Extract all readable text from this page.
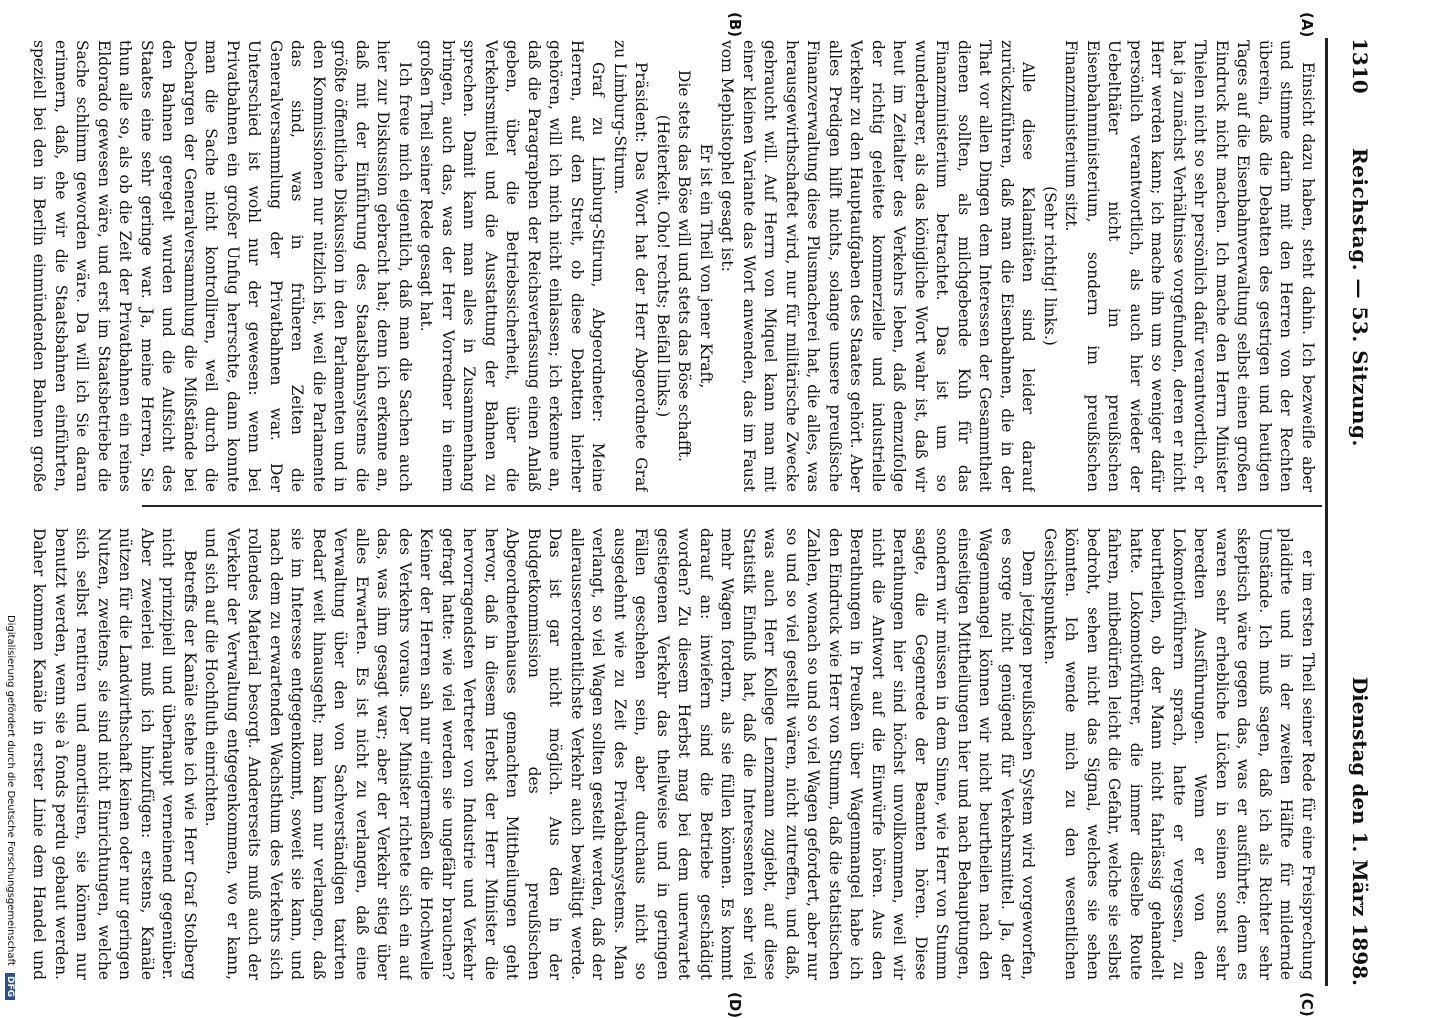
1310
Reichstag. — 53. Sitzung.
Dienstag den 1. März 1898.
(A)
(B)
(C)
(D)

Einsicht dazu haben, steht dahin. Ich bezweifle aber und stimme darin mit den Herren von der Rechten überein, daß die Debatten des gestrigen und heutigen Tages auf die Eisenbahnverwaltung selbst einen großen Eindruck nicht machen. Ich mache den Herrn Minister Thielen nicht so sehr persönlich dafür verantwortlich, er hat ja zunächst Verhältnisse vorgefunden, deren er nicht Herr werden kann; ich mache ihn um so weniger dafür persönlich verantwortlich, als auch hier wieder der Uebelthäter nicht im preußischen Eisenbahnministerium, sondern im preußischen Finanzministerium sitzt.

(Sehr richtig! links.)

Alle diese Kalamitäten sind leider darauf zurückzuführen, daß man die Eisenbahnen, die in der That vor allen Dingen dem Interessen der Gesammtheit dienen sollten, als milchgebende Kuh für das Finanzministerium betrachtet. Das ist um so wunderbarer, als das königliche Wort wahr ist, daß wir heut im Zeitalter des Verkehrs leben, daß demzufolge der richtig geleitete kommerzielle und industrielle Verkehr zu den Hauptaufgaben des Staates gehört. Aber alles Predigen hilft nichts, solange unsere preußische Finanzverwaltung diese Plusmacherei hat, die alles, was herausgewirthschaftet wird, nur für militärische Zwecke gebraucht will. Auf Herrn von Miquel kann man mit einer kleinen Variante das Wort anwenden, das im Faust vom Mephistophel gesagt ist:

Er ist ein Theil von jener Kraft,

Die stets das Böse will und stets das Böse schafft.

(Heiterkeit. Oho! rechts; Beifall links.)

Präsident: Das Wort hat der Herr Abgeordnete Graf zu Limburg-Stirum.

Graf zu Limburg-Stirum, Abgeordneter: Meine Herren, auf den Streit, ob diese Debatten hierher gehören, will ich mich nicht einlassen; ich erkenne an, daß die Paragraphen der Reichsverfassung einen Anlaß geben, über die Betriebssicherheit, über die Verkehrsmittel und die Ausstattung der Bahnen zu sprechen. Damit kann man alles in Zusammenhang bringen, auch das, was der Herr Vorredner in einem großen Theil seiner Rede gesagt hat.

Ich freue mich eigentlich, daß man die Sachen auch hier zur Diskussion gebracht hat; denn ich erkenne an, daß mit der Einführung des Staatsbahnsystems die größte öffentliche Diskussion in den Parlamenten und in den Kommissionen nur nützlich ist, weil die Parlamente das sind, was in früheren Zeiten die Generalversammlung der Privatbahnen war. Der Unterschied ist wohl nur der gewesen: wenn bei Privatbahnen ein großer Unfug herrschte, dann konnte man die Sache nicht kontrolliren, weil durch die Dechargen der Generalversammlung die Mißstände bei den Bahnen geregelt wurden und die Aufsicht des Staates eine sehr geringe war. Ja, meine Herren, Sie thun alle so, als ob die Zeit der Privatbahnen ein reines Eldorado gewesen wäre, und erst im Staatsbetriebe die Sache schlimm geworden wäre. Da will ich Sie daran erinnern, daß, ehe wir die Staatsbahnen einführten, speziell bei den in Berlin einmündenden Bahnen große

er im ersten Theil seiner Rede für eine Freisprechung plaidirte und in der zweiten Hälfte für mildernde Umstände. Ich muß sagen, daß ich als Richter sehr skeptisch wäre gegen das, was er ausführte; denn es waren sehr erhebliche Lücken in seinen sonst sehr beredten Ausführungen. Wenn er von den Lokomotivführern sprach, hatte er vergessen, zu beurtheilen, ob der Mann nicht fahrlässig gehandelt hatte. Lokomotivführer, die immer dieselbe Route fahren, mitbedürfen leicht die Gefahr, welche sie selbst bedroht, sehen nicht das Signal, welches sie sehen könnten. Ich wende mich zu den wesentlichen Gesichtspunkten.

Dem jetzigen preußischen System wird vorgeworfen, es sorge nicht genügend für Verkehrsmittel. Ja, der Wagenmangel können wir nicht beurtheilen nach den einseitigen Mittheilungen hier und nach Behauptungen, sondern wir müssen in dem Sinne, wie Herr von Stumm sagte, die Gegenrede der Beamten hören. Diese Berathungen hier sind höchst unvollkommen, weil wir nicht die Antwort auf die Einwürfe hören. Aus den Berathungen in Preußen über Wagenmangel habe ich den Eindruck wie Herr von Stumm, daß die statistischen Zahlen, wonach so und so viel Wagen gefordert, aber nur so und so viel gestellt wären, nicht zutreffen, und daß, was auch Herr Kollege Lenzmann zugiebt, auf diese Statistik Einfluß hat, daß die Interessenten sehr viel mehr Wagen fordern, als sie füllen können. Es kommt darauf an: inwiefern sind die Betriebe geschädigt worden? Zu diesem Herbst mag bei dem unerwartet gestiegenen Verkehr das theilweise und in geringen Fällen geschehen sein, aber durchaus nicht so ausgedehnt wie zu Zeit des Privatbahnsystems. Man verlangt, so viel Wagen sollten gestellt werden, daß der allerausserordentlichste Verkehr auch bewältigt werde. Das ist gar nicht möglich. Aus den in der Budgetkommission des preußischen Abgeordnetenhauses gemachten Mittheilungen geht hervor, daß in diesem Herbst der Herr Minister die hervorragendsten Vertreter von Industrie und Verkehr gefragt hatte: wie viel werden sie ungefähr brauchen? Keiner der Herren sah nur einigermaßen die Hochwelle des Verkehrs voraus. Der Minister richtete sich ein auf das, was ihm gesagt war; aber der Verkehr stieg über alles Erwarten. Es ist nicht zu verlangen, daß eine Verwaltung über den von Sachverständigen taxirten Bedarf weit hinausgeht; man kann nur verlangen, daß sie im Interesse entgegenkommt, soweit sie kann, und nach dem zu erwartenden Wachsthum des Verkehrs sich rollendes Material besorgt. Andererseits muß auch der Verkehr der Verwaltung entgegenkommen, wo er kann, und sich auf die Hochfluth einrichten.

Betreffs der Kanäle stehe ich wie Herr Graf Stolberg nicht prinzipiell und überhaupt verneinend gegenüber. Aber zweierlei muß ich hinzufügen: erstens, Kanäle nützen für die Landwirthschaft keinen oder nur geringen Nutzen, zweitens, sie sind nicht Einrichtungen, welche sich selbst rentiren und amortisiren, sie können nur benutzt werden, wenn sie à fonds perdu gebaut werden. Daher kommen Kanäle in erster Linie dem Handel und

Digitalisierung gefördert durch die Deutsche Forschungsgemeinschaft DFG
